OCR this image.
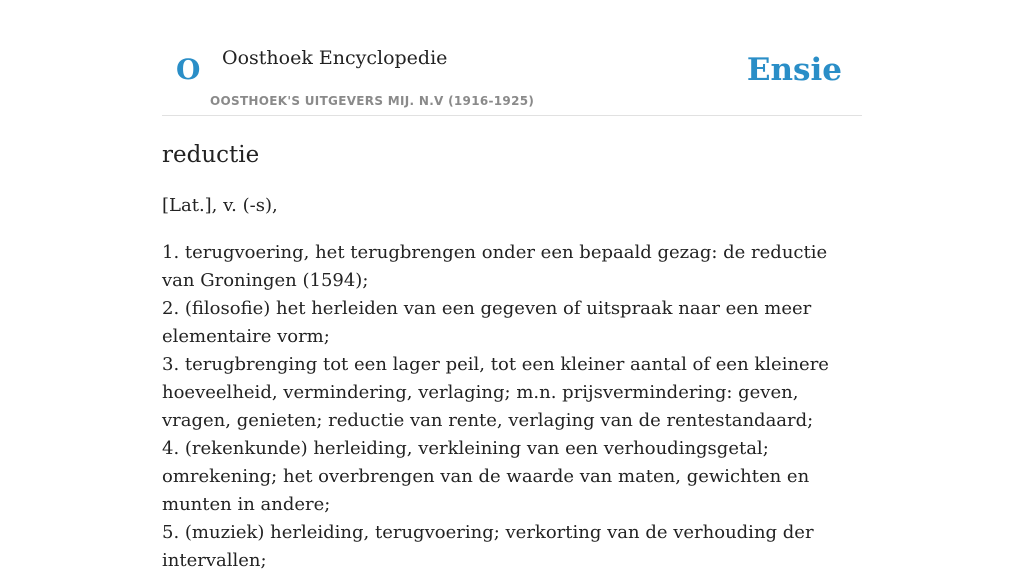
O Oosthoek Encyclopedie
OOSTHOEK'S UITGEVERS MIJ. N.V (1916-1925)
Ensie
reductie

[Lat.], v. (-s),

1. terugvoering, het terugbrengen onder een bepaald gezag: de reductie van Groningen (1594);
2. (filosofie) het herleiden van een gegeven of uitspraak naar een meer elementaire vorm;
3. terugbrenging tot een lager peil, tot een kleiner aantal of een kleinere hoeveelheid, vermindering, verlaging; m.n. prijsvermindering: geven, vragen, genieten; reductie van rente, verlaging van de rentestandaard;
4. (rekenkunde) herleiding, verkleining van een verhoudingsgetal; omrekening; het overbrengen van de waarde van maten, gewichten en munten in andere;
5. (muziek) herleiding, terugvoering; verkorting van de verhouding der intervallen;
